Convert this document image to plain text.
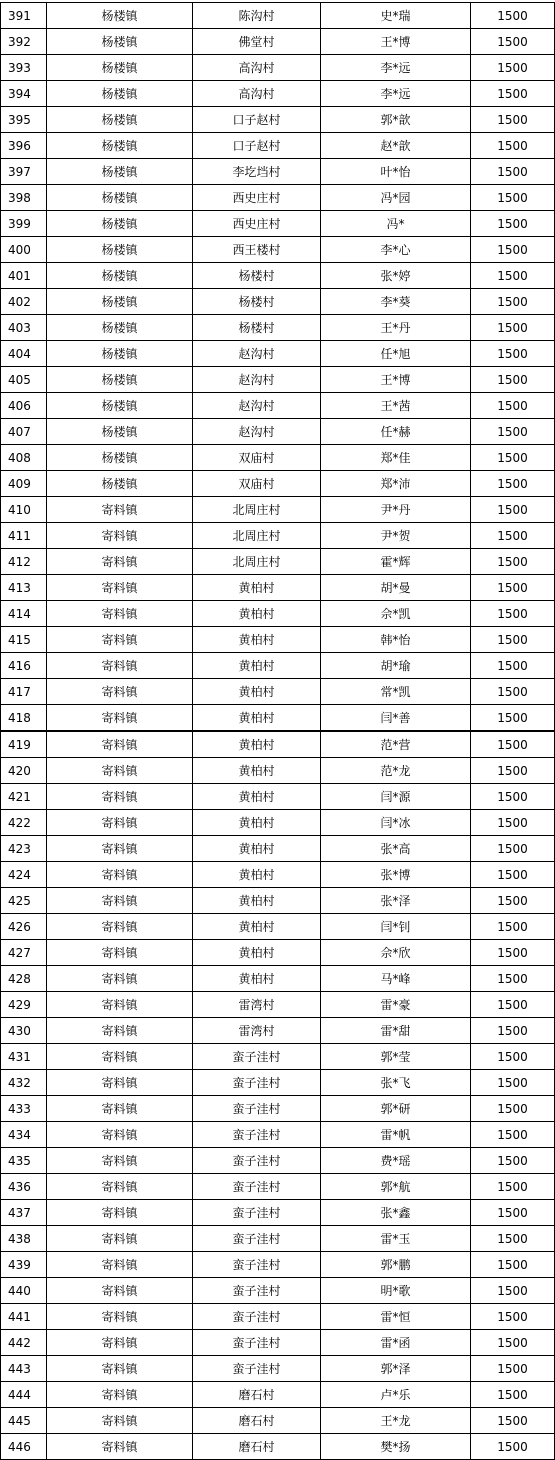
391	杨楼镇	陈沟村	史*瑞	1500
392	杨楼镇	佛堂村	王*博	1500
393	杨楼镇	高沟村	李*远	1500
394	杨楼镇	高沟村	李*远	1500
395	杨楼镇	口子赵村	郭*歆	1500
396	杨楼镇	口子赵村	赵*歆	1500
397	杨楼镇	李圪垱村	叶*怡	1500
398	杨楼镇	西史庄村	冯*园	1500
399	杨楼镇	西史庄村	冯*	1500
400	杨楼镇	西王楼村	李*心	1500
401	杨楼镇	杨楼村	张*婷	1500
402	杨楼镇	杨楼村	李*葵	1500
403	杨楼镇	杨楼村	王*丹	1500
404	杨楼镇	赵沟村	任*旭	1500
405	杨楼镇	赵沟村	王*博	1500
406	杨楼镇	赵沟村	王*茜	1500
407	杨楼镇	赵沟村	任*赫	1500
408	杨楼镇	双庙村	郑*佳	1500
409	杨楼镇	双庙村	郑*沛	1500
410	寄料镇	北周庄村	尹*丹	1500
411	寄料镇	北周庄村	尹*贺	1500
412	寄料镇	北周庄村	霍*辉	1500
413	寄料镇	黄柏村	胡*曼	1500
414	寄料镇	黄柏村	佘*凯	1500
415	寄料镇	黄柏村	韩*怡	1500
416	寄料镇	黄柏村	胡*瑜	1500
417	寄料镇	黄柏村	常*凯	1500
418	寄料镇	黄柏村	闫*善	1500
419	寄料镇	黄柏村	范*营	1500
420	寄料镇	黄柏村	范*龙	1500
421	寄料镇	黄柏村	闫*源	1500
422	寄料镇	黄柏村	闫*冰	1500
423	寄料镇	黄柏村	张*高	1500
424	寄料镇	黄柏村	张*博	1500
425	寄料镇	黄柏村	张*泽	1500
426	寄料镇	黄柏村	闫*钊	1500
427	寄料镇	黄柏村	佘*欣	1500
428	寄料镇	黄柏村	马*峰	1500
429	寄料镇	雷湾村	雷*豪	1500
430	寄料镇	雷湾村	雷*甜	1500
431	寄料镇	蛮子洼村	郭*莹	1500
432	寄料镇	蛮子洼村	张*飞	1500
433	寄料镇	蛮子洼村	郭*研	1500
434	寄料镇	蛮子洼村	雷*帆	1500
435	寄料镇	蛮子洼村	费*瑶	1500
436	寄料镇	蛮子洼村	郭*航	1500
437	寄料镇	蛮子洼村	张*鑫	1500
438	寄料镇	蛮子洼村	雷*玉	1500
439	寄料镇	蛮子洼村	郭*鹏	1500
440	寄料镇	蛮子洼村	明*歌	1500
441	寄料镇	蛮子洼村	雷*恒	1500
442	寄料镇	蛮子洼村	雷*函	1500
443	寄料镇	蛮子洼村	郭*泽	1500
444	寄料镇	磨石村	卢*乐	1500
445	寄料镇	磨石村	王*龙	1500
446	寄料镇	磨石村	樊*扬	1500
